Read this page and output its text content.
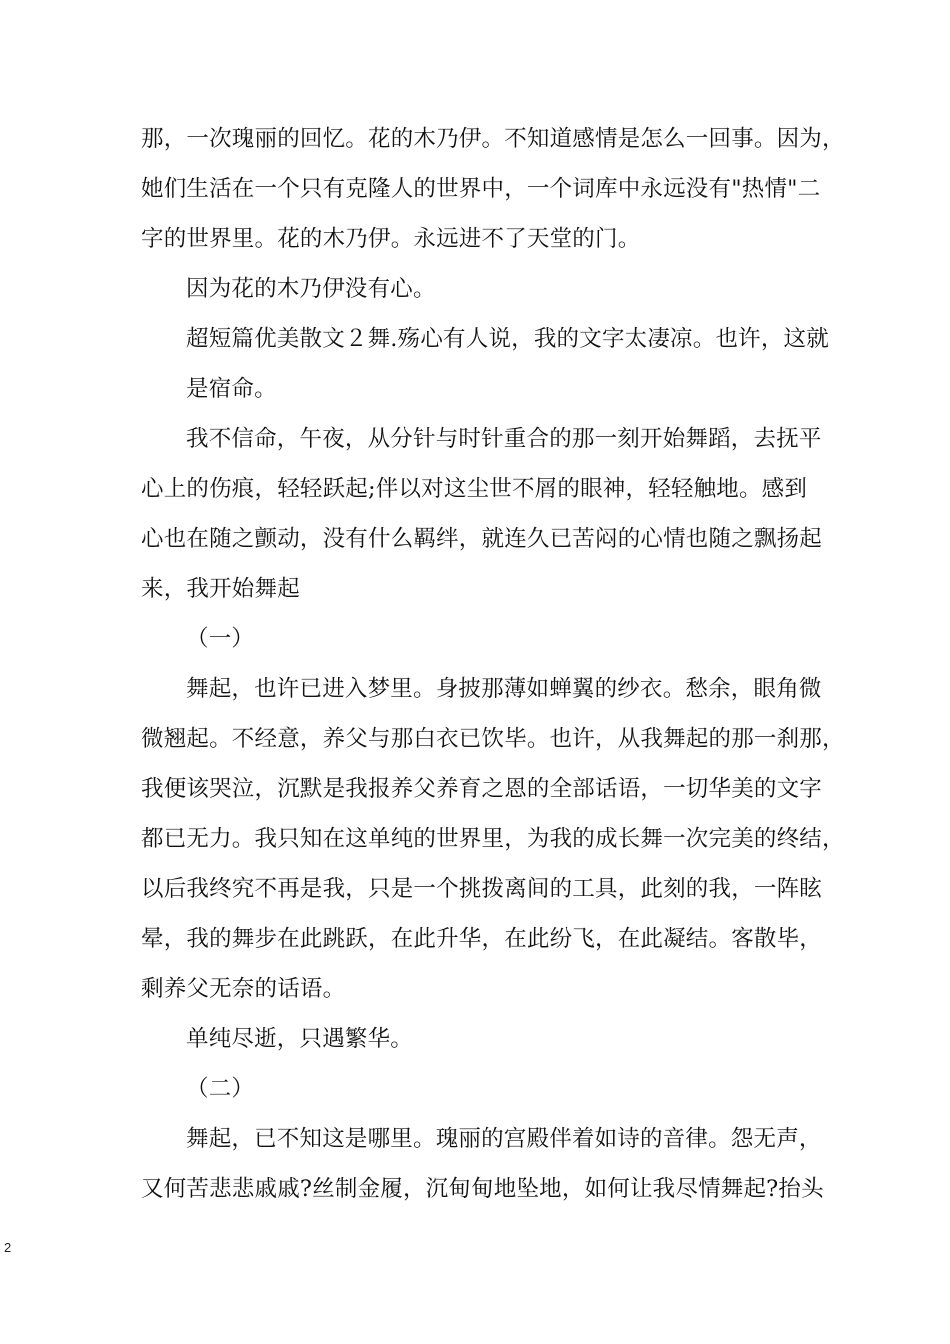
那，一次瑰丽的回忆。花的木乃伊。不知道感情是怎么一回事。因为，

她们生活在一个只有克隆人的世界中，一个词库中永远没有"热情"二

字的世界里。花的木乃伊。永远进不了天堂的门。

因为花的木乃伊没有心。

超短篇优美散文２舞.殇心有人说，我的文字太凄凉。也许，这就

是宿命。

我不信命，午夜，从分针与时针重合的那一刻开始舞蹈，去抚平

心上的伤痕，轻轻跃起;伴以对这尘世不屑的眼神，轻轻触地。感到

心也在随之颤动，没有什么羁绊，就连久已苦闷的心情也随之飘扬起

来，我开始舞起

（一）

舞起，也许已进入梦里。身披那薄如蝉翼的纱衣。愁余，眼角微

微翘起。不经意，养父与那白衣已饮毕。也许，从我舞起的那一刹那，

我便该哭泣，沉默是我报养父养育之恩的全部话语，一切华美的文字

都已无力。我只知在这单纯的世界里，为我的成长舞一次完美的终结，

以后我终究不再是我，只是一个挑拨离间的工具，此刻的我，一阵眩

晕，我的舞步在此跳跃，在此升华，在此纷飞，在此凝结。客散毕，

剩养父无奈的话语。

单纯尽逝，只遇繁华。

（二）

舞起，已不知这是哪里。瑰丽的宫殿伴着如诗的音律。怨无声，

又何苦悲悲戚戚?丝制金履，沉甸甸地坠地，如何让我尽情舞起?抬头

2
